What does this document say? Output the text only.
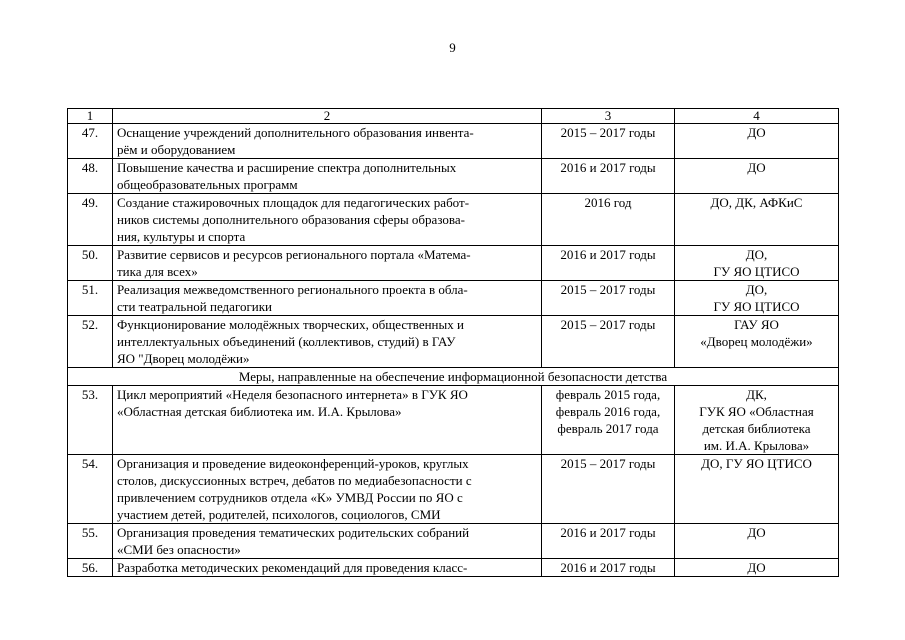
9
1	2	3	4
47.	Оснащение учреждений дополнительного образования инвента-
рём и оборудованием	2015 – 2017 годы	ДО

48.	Повышение качества и расширение спектра дополнительных
общеобразовательных программ	2016 и 2017 годы	ДО

49.	Создание стажировочных площадок для педагогических работ-
ников системы дополнительного образования сферы образова-
ния, культуры и спорта	2016 год	ДО, ДК, АФКиС

50.	Развитие сервисов и ресурсов регионального портала «Матема-
тика для всех»	2016 и 2017 годы	ДО,
ГУ ЯО ЦТИСО

51.	Реализация межведомственного регионального проекта в обла-
сти театральной педагогики	2015 – 2017 годы	ДО,
ГУ ЯО ЦТИСО

52.	Функционирование молодёжных творческих, общественных и
интеллектуальных объединений (коллективов, студий) в ГАУ
ЯО "Дворец молодёжи»	2015 – 2017 годы	ГАУ ЯО
«Дворец молодёжи»

Меры, направленные на обеспечение информационной безопасности детства			
53.	Цикл мероприятий «Неделя безопасного интернета» в ГУК ЯО
«Областная детская библиотека им. И.А. Крылова»	февраль 2015 года,
февраль 2016 года,
февраль 2017 года	ДК,
ГУК ЯО «Областная
детская библиотека
им. И.А. Крылова»

54.	Организация и проведение видеоконференций-уроков, круглых
столов, дискуссионных встреч, дебатов по медиабезопасности с
привлечением сотрудников отдела «К» УМВД России по ЯО с
участием детей, родителей, психологов, социологов, СМИ	2015 – 2017 годы	ДО, ГУ ЯО ЦТИСО

55.	Организация проведения тематических родительских собраний
«СМИ без опасности»	2016 и 2017 годы	ДО

56.	Разработка методических рекомендаций для проведения класс-	2016 и 2017 годы	ДО
